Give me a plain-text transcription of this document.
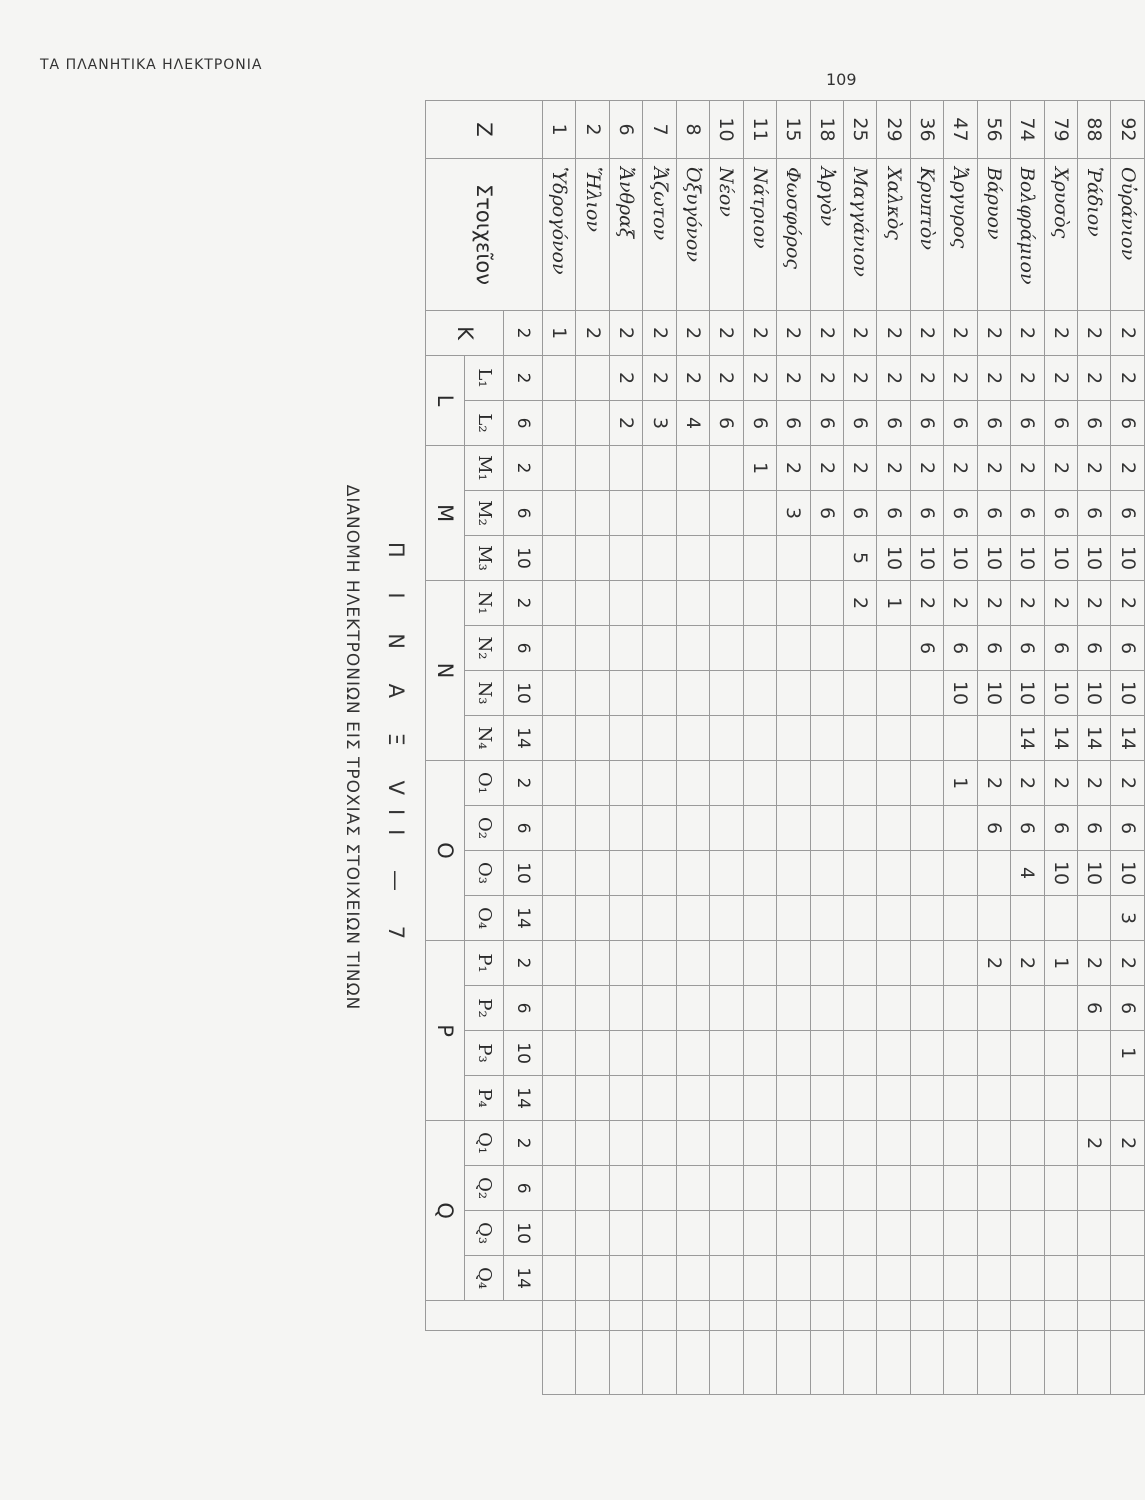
ΤΑ ΠΛΑΝΗΤΙΚΑ ΗΛΕΚΤΡΟΝΙΑ
109
Π Ι Ν Α Ξ VII — 7
ΔΙΑΝΟΜΗ ΗΛΕΚΤΡΟΝΙΩΝ ΕΙΣ ΤΡΟΧΙΑΣ ΣΤΟΙΧΕΙΩΝ ΤΙΝΩΝ
Z	Στοιχεῖον	K	L		M			N				O				P				Q					
			L₁	L₂	M₁	M₂	M₃	N₁	N₂	N₃	N₄	O₁	O₂	O₃	O₄	P₁	P₂	P₃	P₄	Q₁	Q₂	Q₃	Q₄		
		2	2	6	2	6	10	2	6	10	14	2	6	10	14	2	6	10	14	2	6	10	14		
1	Ὑδρογόνον	1																							
2	Ἥλιον	2																							
6	Ἄνθραξ	2	2	2																					
7	Ἄζωτον	2	2	3																					
8	Ὀξυγόνον	2	2	4																					
10	Νέον	2	2	6																					
11	Νάτριον	2	2	6	1																				
15	Φωσφόρος	2	2	6	2	3																			
18	Ἀργὸν	2	2	6	2	6																			
25	Μαγγάνιον	2	2	6	2	6	5	2																	
29	Χαλκὸς	2	2	6	2	6	10	1																	
36	Κρυπτὸν	2	2	6	2	6	10	2	6																
47	Ἄργυρος	2	2	6	2	6	10	2	6	10		1													
56	Βάρυον	2	2	6	2	6	10	2	6	10		2	6			2									
74	Βολφράμιον	2	2	6	2	6	10	2	6	10	14	2	6	4		2									
79	Χρυσὸς	2	2	6	2	6	10	2	6	10	14	2	6	10		1									
88	Ῥάδιον	2	2	6	2	6	10	2	6	10	14	2	6	10		2	6			2					
92	Οὐράνιον	2	2	6	2	6	10	2	6	10	14	2	6	10	3	2	6	1		2					
